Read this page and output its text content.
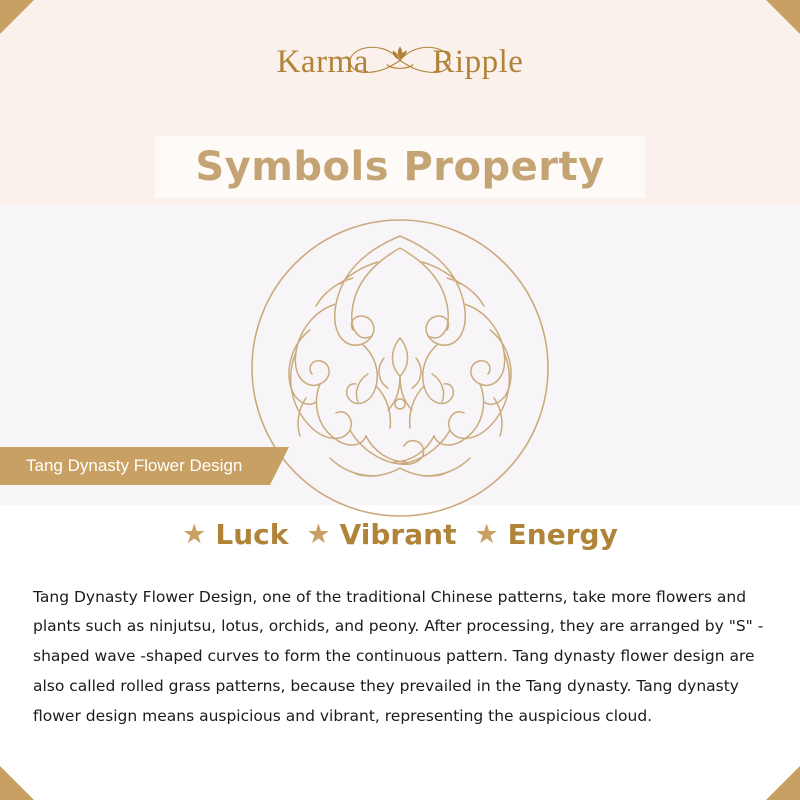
Karma Ripple
Symbols Property
Tang Dynasty Flower Design
★ Luck ★ Vibrant ★ Energy

Tang Dynasty Flower Design, one of the traditional Chinese patterns, take more flowers and plants such as ninjutsu, lotus, orchids, and peony. After processing, they are arranged by "S" -shaped wave -shaped curves to form the continuous pattern. Tang dynasty flower design are also called rolled grass patterns, because they prevailed in the Tang dynasty. Tang dynasty flower design means auspicious and vibrant, representing the auspicious cloud.
